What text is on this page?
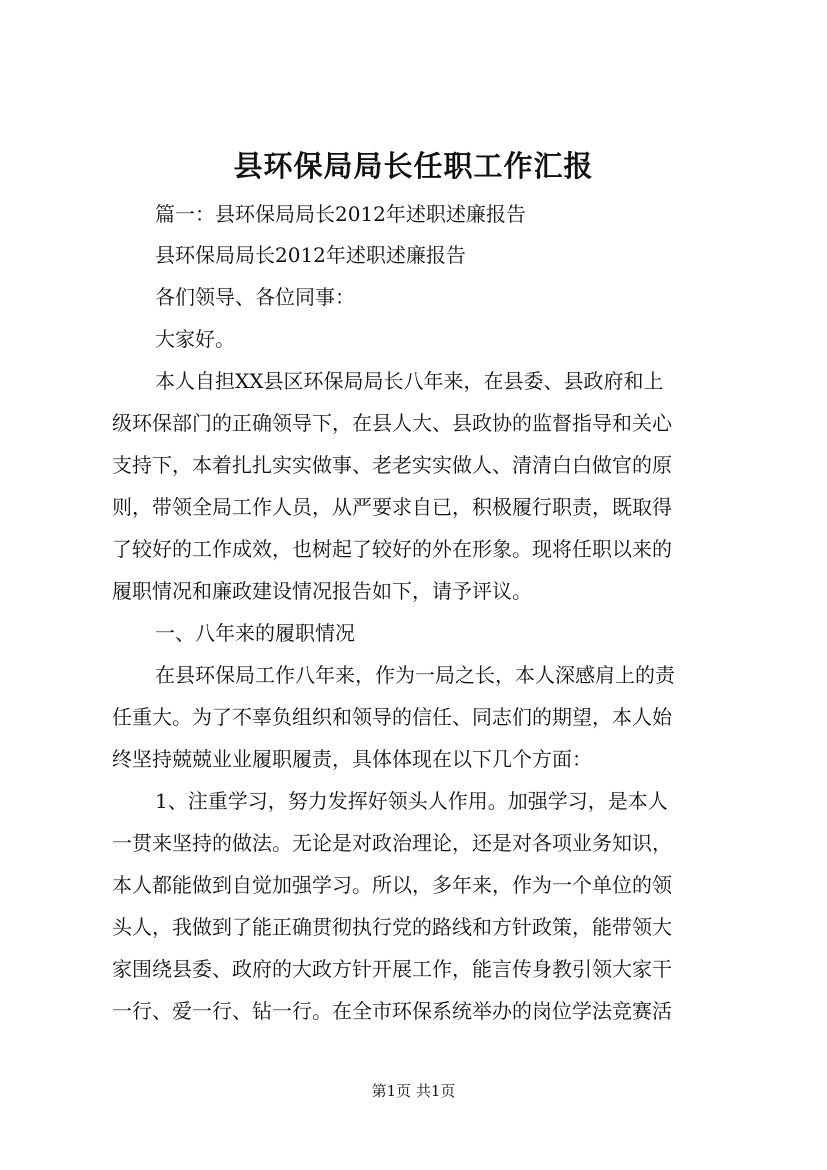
县环保局局长任职工作汇报
篇一：县环保局局长2012年述职述廉报告
县环保局局长2012年述职述廉报告
各们领导、各位同事：
大家好。
本人自担XX县区环保局局长八年来，在县委、县政府和上
级环保部门的正确领导下，在县人大、县政协的监督指导和关心
支持下，本着扎扎实实做事、老老实实做人、清清白白做官的原
则，带领全局工作人员，从严要求自已，积极履行职责，既取得
了较好的工作成效，也树起了较好的外在形象。现将任职以来的
履职情况和廉政建设情况报告如下，请予评议。
一、八年来的履职情况
在县环保局工作八年来，作为一局之长，本人深感肩上的责
任重大。为了不辜负组织和领导的信任、同志们的期望，本人始
终坚持兢兢业业履职履责，具体体现在以下几个方面：
1、注重学习，努力发挥好领头人作用。加强学习，是本人
一贯来坚持的做法。无论是对政治理论，还是对各项业务知识，
本人都能做到自觉加强学习。所以，多年来，作为一个单位的领
头人，我做到了能正确贯彻执行党的路线和方针政策，能带领大
家围绕县委、政府的大政方针开展工作，能言传身教引领大家干
一行、爱一行、钻一行。在全市环保系统举办的岗位学法竞赛活
第1页 共1页
